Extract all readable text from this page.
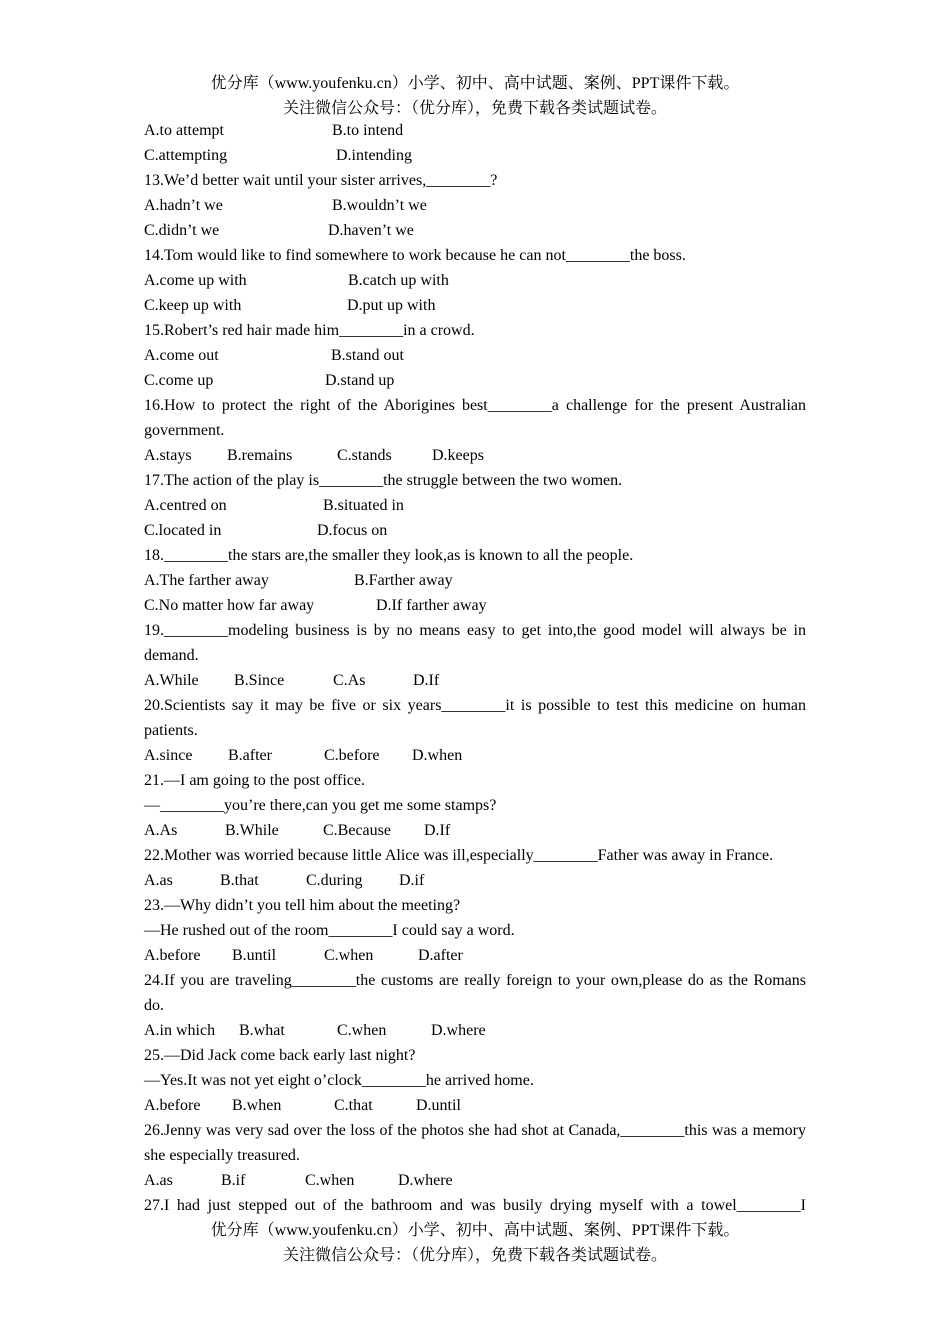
优分库（www.youfenku.cn）小学、初中、高中试题、案例、PPT课件下载。
关注微信公众号：（优分库），免费下载各类试题试卷。
A.to attempt	B.to intend
C.attempting	D.intending
13.We’d better wait until your sister arrives,________?
A.hadn’t we	B.wouldn’t we
C.didn’t we	D.haven’t we
14.Tom would like to find somewhere to work because he can not________the boss.
A.come up with	B.catch up with
C.keep up with	D.put up with
15.Robert’s red hair made him________in a crowd.
A.come out	B.stand out
C.come up	D.stand up
16.How to protect the right of the Aborigines best________a challenge for the present Australian government.
A.stays B.remains	C.stands	D.keeps
17.The action of the play is________the struggle between the two women.
A.centred on	B.situated in
C.located in	D.focus on
18.________the stars are,the smaller they look,as is known to all the people.
A.The farther away	B.Farther away
C.No matter how far away	D.If farther away
19.________modeling business is by no means easy to get into,the good model will always be in demand.
A.While B.Since	C.As	D.If
20.Scientists say it may be five or six years________it is possible to test this medicine on human patients.
A.since B.after	C.before D.when
21.—I am going to the post office.
—________you’re there,can you get me some stamps?
A.As	B.While	C.Because D.If
22.Mother was worried because little Alice was ill,especially________Father was away in France.
A.as	B.that	C.during D.if
23.—Why didn’t you tell him about the meeting?
—He rushed out of the room________I could say a word.
A.before B.until	C.when	D.after
24.If you are traveling________the customs are really foreign to your own,please do as the Romans do.
A.in which B.what	C.when	D.where
25.—Did Jack come back early last night?
—Yes.It was not yet eight o’clock________he arrived home.
A.before B.when	C.that	D.until
26.Jenny was very sad over the loss of the photos she had shot at Canada,________this was a memory she especially treasured.
A.as	B.if	C.when	D.where
27.I had just stepped out of the bathroom and was busily drying myself with a towel________I
优分库（www.youfenku.cn）小学、初中、高中试题、案例、PPT课件下载。
关注微信公众号：（优分库），免费下载各类试题试卷。
